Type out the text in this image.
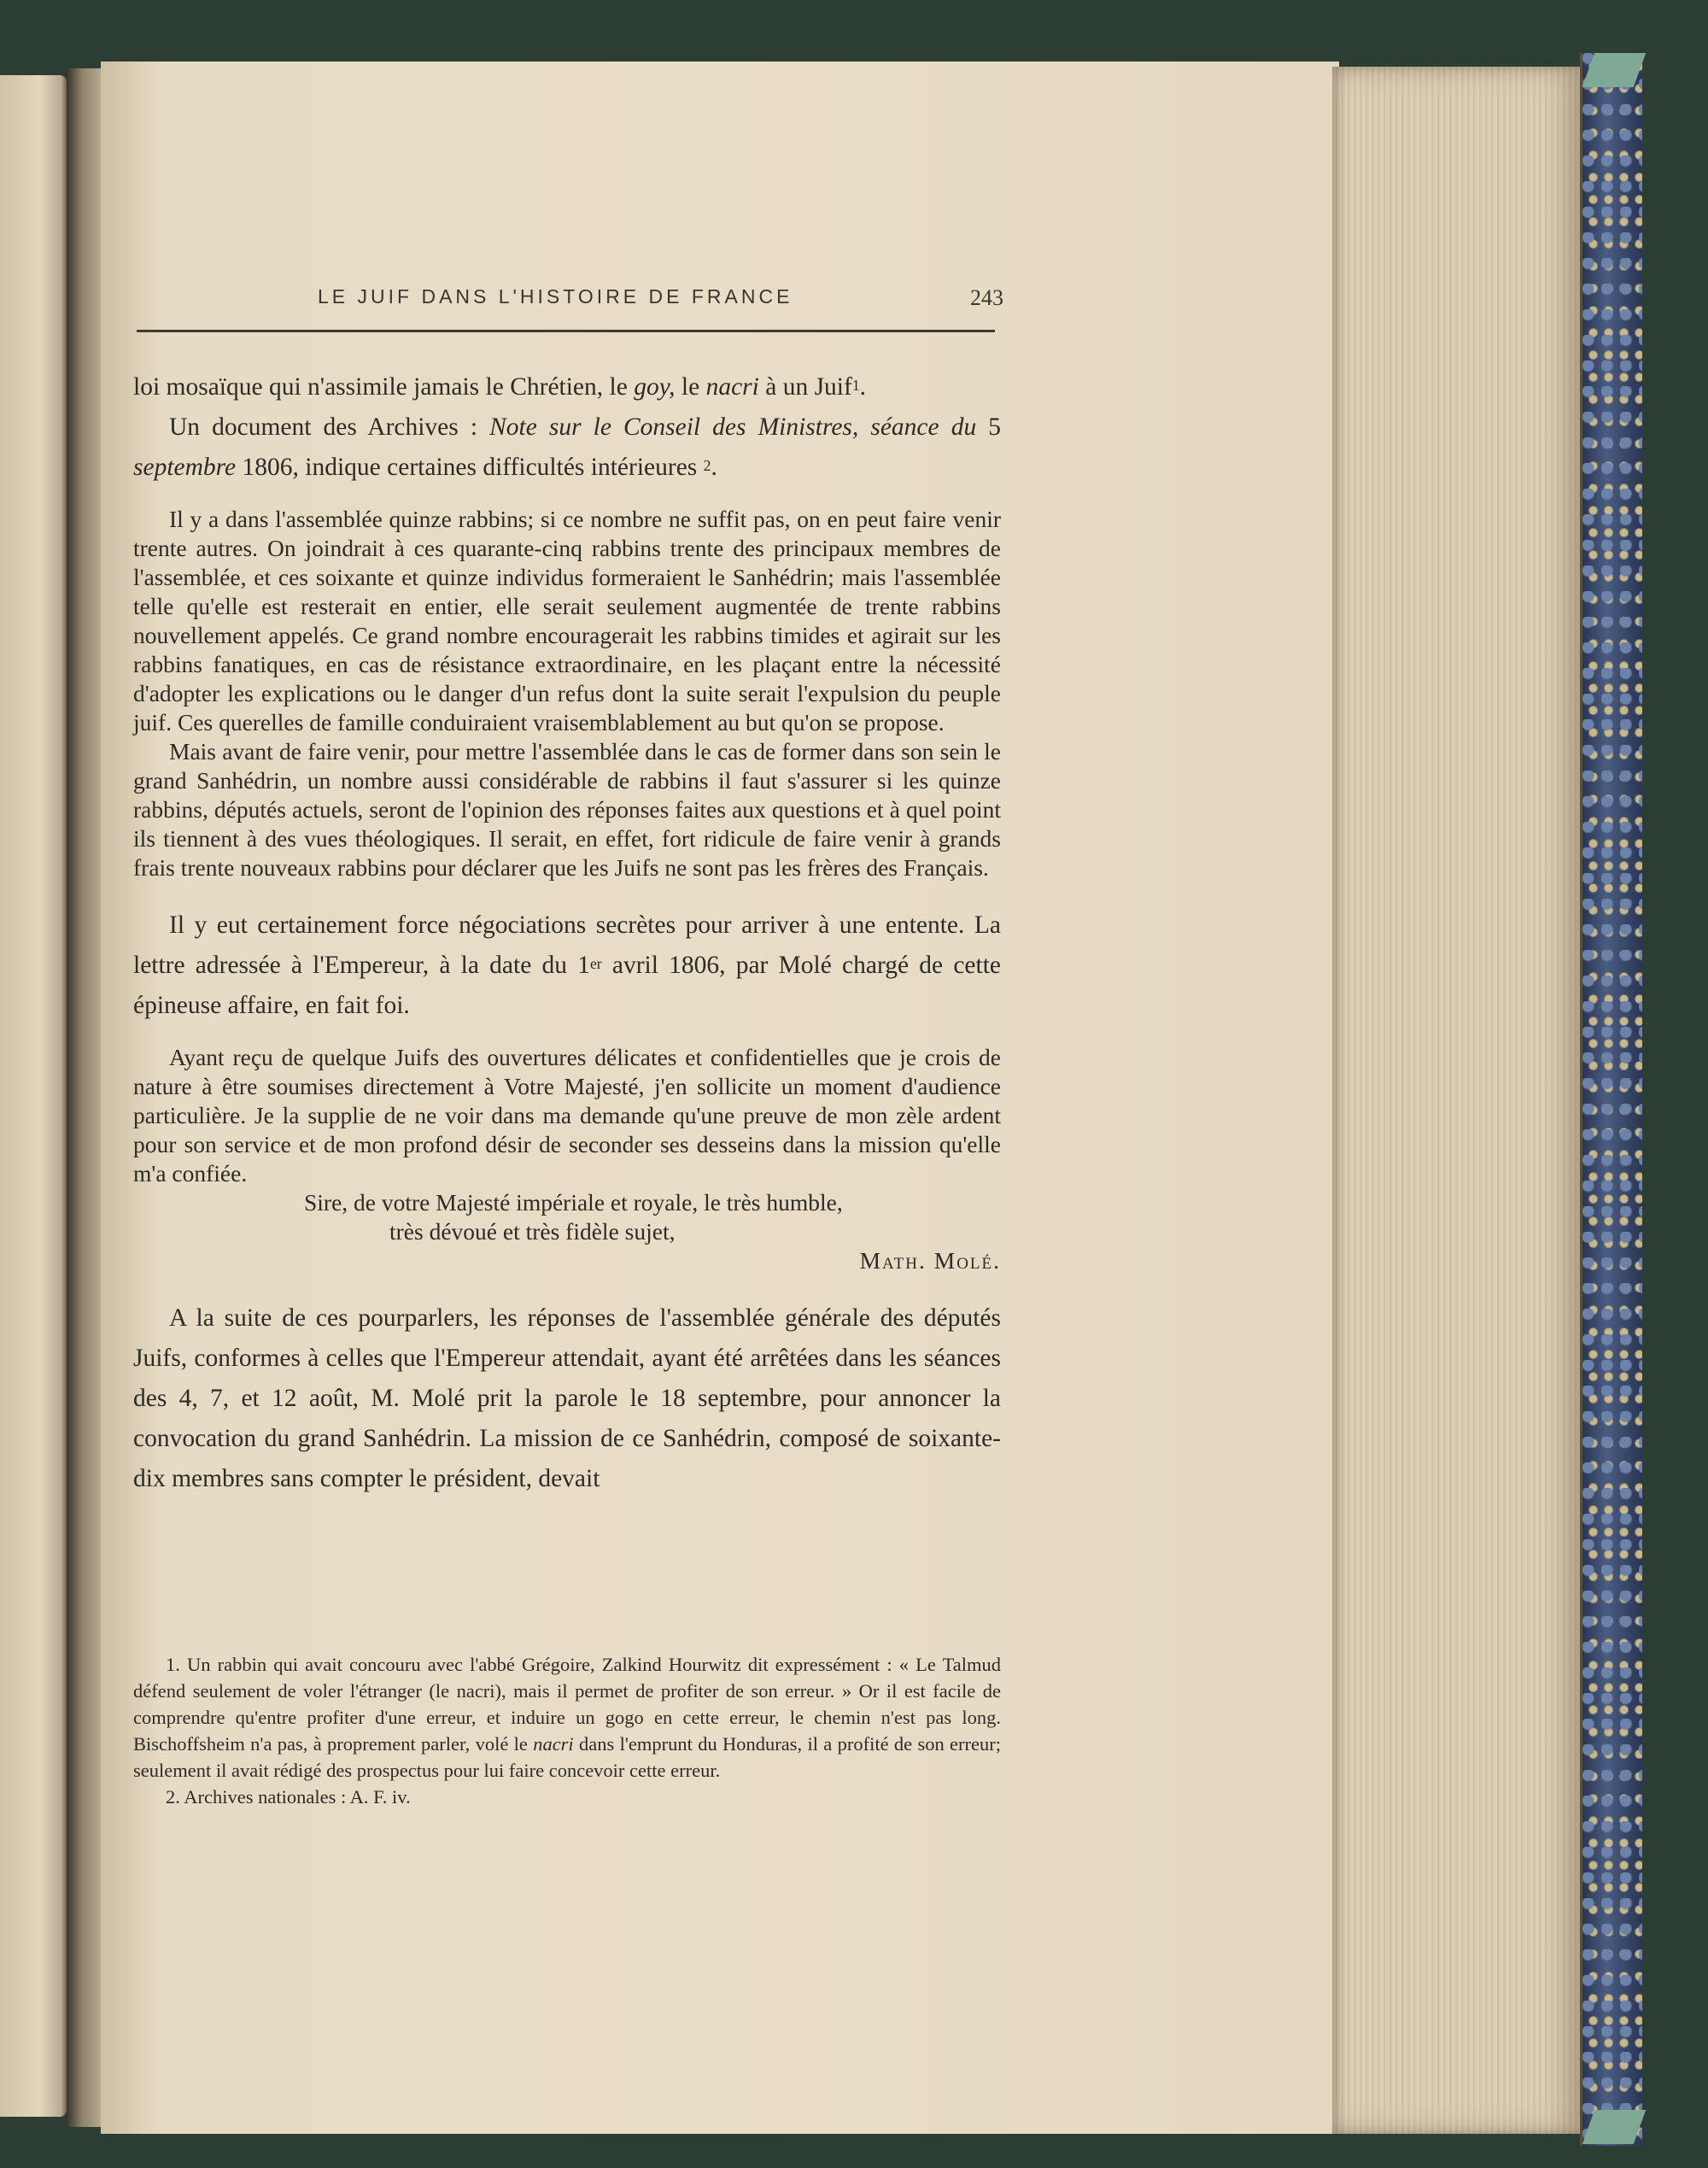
LE JUIF DANS L'HISTOIRE DE FRANCE	243

loi mosaïque qui n'assimile jamais le Chrétien, le goy, le nacri à un Juif$^1$.

Un document des Archives : Note sur le Conseil des Ministres, séance du 5 septembre 1806, indique certaines difficultés intérieures $^2$.

Il y a dans l'assemblée quinze rabbins; si ce nombre ne suffit pas, on en peut faire venir trente autres. On joindrait à ces quarante-cinq rabbins trente des principaux membres de l'assemblée, et ces soixante et quinze individus formeraient le Sanhédrin; mais l'assemblée telle qu'elle est resterait en entier, elle serait seulement augmentée de trente rabbins nouvellement appelés. Ce grand nombre encouragerait les rabbins timides et agirait sur les rabbins fanatiques, en cas de résistance extraordinaire, en les plaçant entre la nécessité d'adopter les explications ou le danger d'un refus dont la suite serait l'expulsion du peuple juif. Ces querelles de famille conduiraient vraisemblablement au but qu'on se propose.

Mais avant de faire venir, pour mettre l'assemblée dans le cas de former dans son sein le grand Sanhédrin, un nombre aussi considérable de rabbins il faut s'assurer si les quinze rabbins, députés actuels, seront de l'opinion des réponses faites aux questions et à quel point ils tiennent à des vues théologiques. Il serait, en effet, fort ridicule de faire venir à grands frais trente nouveaux rabbins pour déclarer que les Juifs ne sont pas les frères des Français.

Il y eut certainement force négociations secrètes pour arriver à une entente. La lettre adressée à l'Empereur, à la date du 1er avril 1806, par Molé chargé de cette épineuse affaire, en fait foi.

Ayant reçu de quelque Juifs des ouvertures délicates et confidentielles que je crois de nature à être soumises directement à Votre Majesté, j'en sollicite un moment d'audience particulière. Je la supplie de ne voir dans ma demande qu'une preuve de mon zèle ardent pour son service et de mon profond désir de seconder ses desseins dans la mission qu'elle m'a confiée.

Sire, de votre Majesté impériale et royale, le très humble,

très dévoué et très fidèle sujet,

Math. Molé.

A la suite de ces pourparlers, les réponses de l'assemblée générale des députés Juifs, conformes à celles que l'Empereur attendait, ayant été arrêtées dans les séances des 4, 7, et 12 août, M. Molé prit la parole le 18 septembre, pour annoncer la convocation du grand Sanhédrin. La mission de ce Sanhédrin, composé de soixante-dix membres sans compter le président, devait

1. Un rabbin qui avait concouru avec l'abbé Grégoire, Zalkind Hourwitz dit expressément : « Le Talmud défend seulement de voler l'étranger (le nacri), mais il permet de profiter de son erreur. » Or il est facile de comprendre qu'entre profiter d'une erreur, et induire un gogo en cette erreur, le chemin n'est pas long. Bischoffsheim n'a pas, à proprement parler, volé le nacri dans l'emprunt du Honduras, il a profité de son erreur; seulement il avait rédigé des prospectus pour lui faire concevoir cette erreur.

2. Archives nationales : A. F. iv.
